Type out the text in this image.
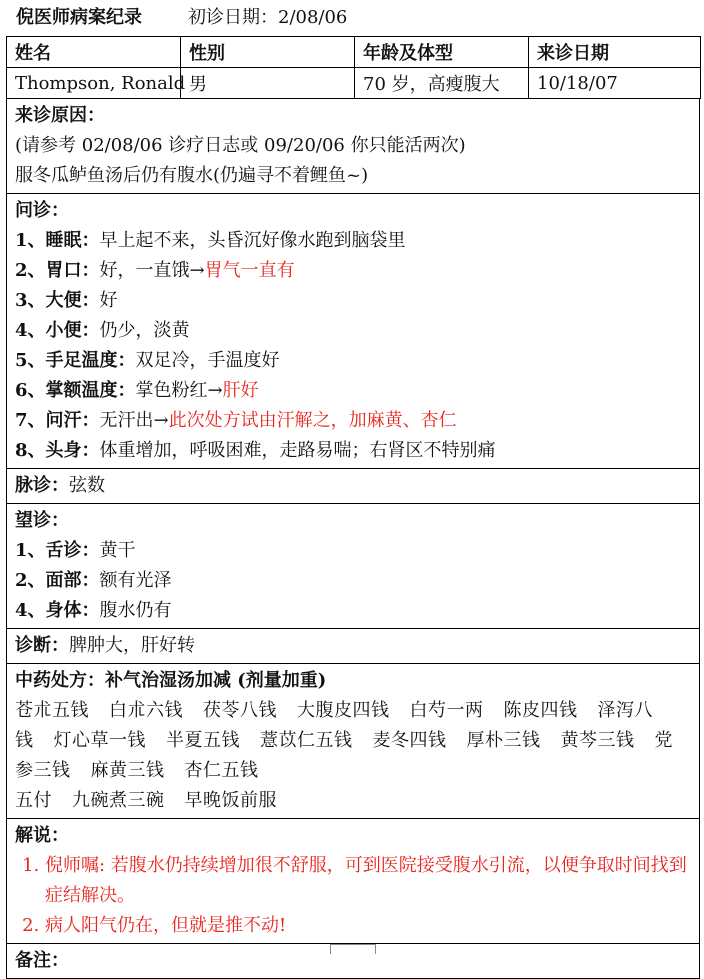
倪医师病案纪录	初诊日期：2/08/06
姓名	性别	年龄及体型	来诊日期
Thompson, Ronald	男	70 岁，高瘦腹大	10/18/07
来诊原因：
(请参考 02/08/06 诊疗日志或 09/20/06 你只能活两次)
服冬瓜鲈鱼汤后仍有腹水(仍遍寻不着鲤鱼~)
问诊：
1、睡眠：早上起不来，头昏沉好像水跑到脑袋里
2、胃口：好，一直饿→胃气一直有
3、大便：好
4、小便：仍少，淡黄
5、手足温度：双足冷，手温度好
6、掌额温度：掌色粉红→肝好
7、问汗：无汗出→此次处方试由汗解之，加麻黄、杏仁
8、头身：体重增加，呼吸困难，走路易喘；右肾区不特别痛
脉诊：弦数
望诊：
1、舌诊：黄干
2、面部：额有光泽
4、身体：腹水仍有
诊断：脾肿大，肝好转
中药处方：补气治湿汤加减 (剂量加重)
苍朮五钱 白朮六钱 茯苓八钱 大腹皮四钱 白芍一两 陈皮四钱 泽泻八钱 灯心草一钱 半夏五钱 薏苡仁五钱 麦冬四钱 厚朴三钱 黄芩三钱 党参三钱 麻黄三钱 杏仁五钱
五付 九碗煮三碗 早晚饭前服
解说：
1. 倪师嘱: 若腹水仍持续增加很不舒服，可到医院接受腹水引流，以便争取时间找到症结解决。
2. 病人阳气仍在，但就是推不动!
备注：
